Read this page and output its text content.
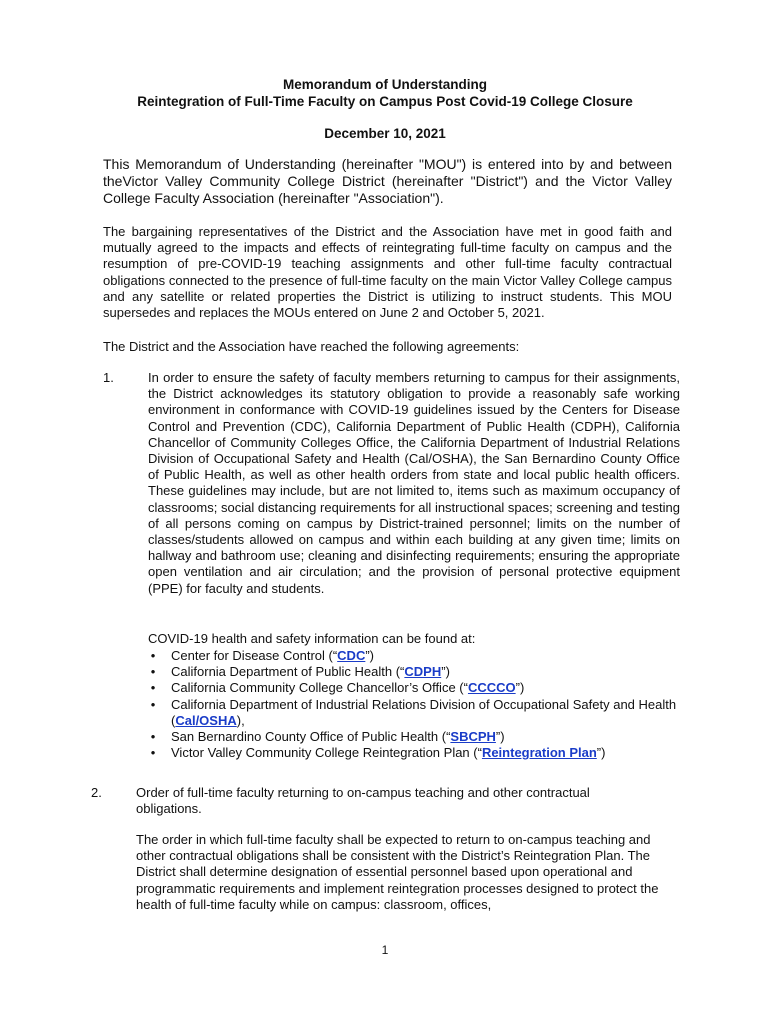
Memorandum of Understanding
Reintegration of Full-Time Faculty on Campus Post Covid-19 College Closure
December 10, 2021
This Memorandum of Understanding (hereinafter "MOU") is entered into by and between theVictor Valley Community College District (hereinafter "District") and the Victor Valley College Faculty Association (hereinafter "Association").
The bargaining representatives of the District and the Association have met in good faith and mutually agreed to the impacts and effects of reintegrating full-time faculty on campus and the resumption of pre-COVID-19 teaching assignments and other full-time faculty contractual obligations connected to the presence of full-time faculty on the main Victor Valley College campus and any satellite or related properties the District is utilizing to instruct students. This MOU supersedes and replaces the MOUs entered on June 2 and October 5, 2021.
The District and the Association have reached the following agreements:
1.	In order to ensure the safety of faculty members returning to campus for their assignments, the District acknowledges its statutory obligation to provide a reasonably safe working environment in conformance with COVID-19 guidelines issued by the Centers for Disease Control and Prevention (CDC), California Department of Public Health (CDPH), California Chancellor of Community Colleges Office, the California Department of Industrial Relations Division of Occupational Safety and Health (Cal/OSHA), the San Bernardino County Office of Public Health, as well as other health orders from state and local public health officers. These guidelines may include, but are not limited to, items such as maximum occupancy of classrooms; social distancing requirements for all instructional spaces; screening and testing of all persons coming on campus by District-trained personnel; limits on the number of classes/students allowed on campus and within each building at any given time; limits on hallway and bathroom use; cleaning and disinfecting requirements; ensuring the appropriate open ventilation and air circulation; and the provision of personal protective equipment (PPE) for faculty and students.
COVID-19 health and safety information can be found at:
• Center for Disease Control (“CDC”)
• California Department of Public Health (“CDPH”)
• California Community College Chancellor’s Office (“CCCCO”)
• California Department of Industrial Relations Division of Occupational Safety and Health (Cal/OSHA),
• San Bernardino County Office of Public Health (“SBCPH”)
• Victor Valley Community College Reintegration Plan (“Reintegration Plan”)
2.	Order of full-time faculty returning to on-campus teaching and other contractual obligations.
The order in which full-time faculty shall be expected to return to on-campus teaching and other contractual obligations shall be consistent with the District’s Reintegration Plan. The District shall determine designation of essential personnel based upon operational and programmatic requirements and implement reintegration processes designed to protect the health of full-time faculty while on campus: classroom, offices,
1
